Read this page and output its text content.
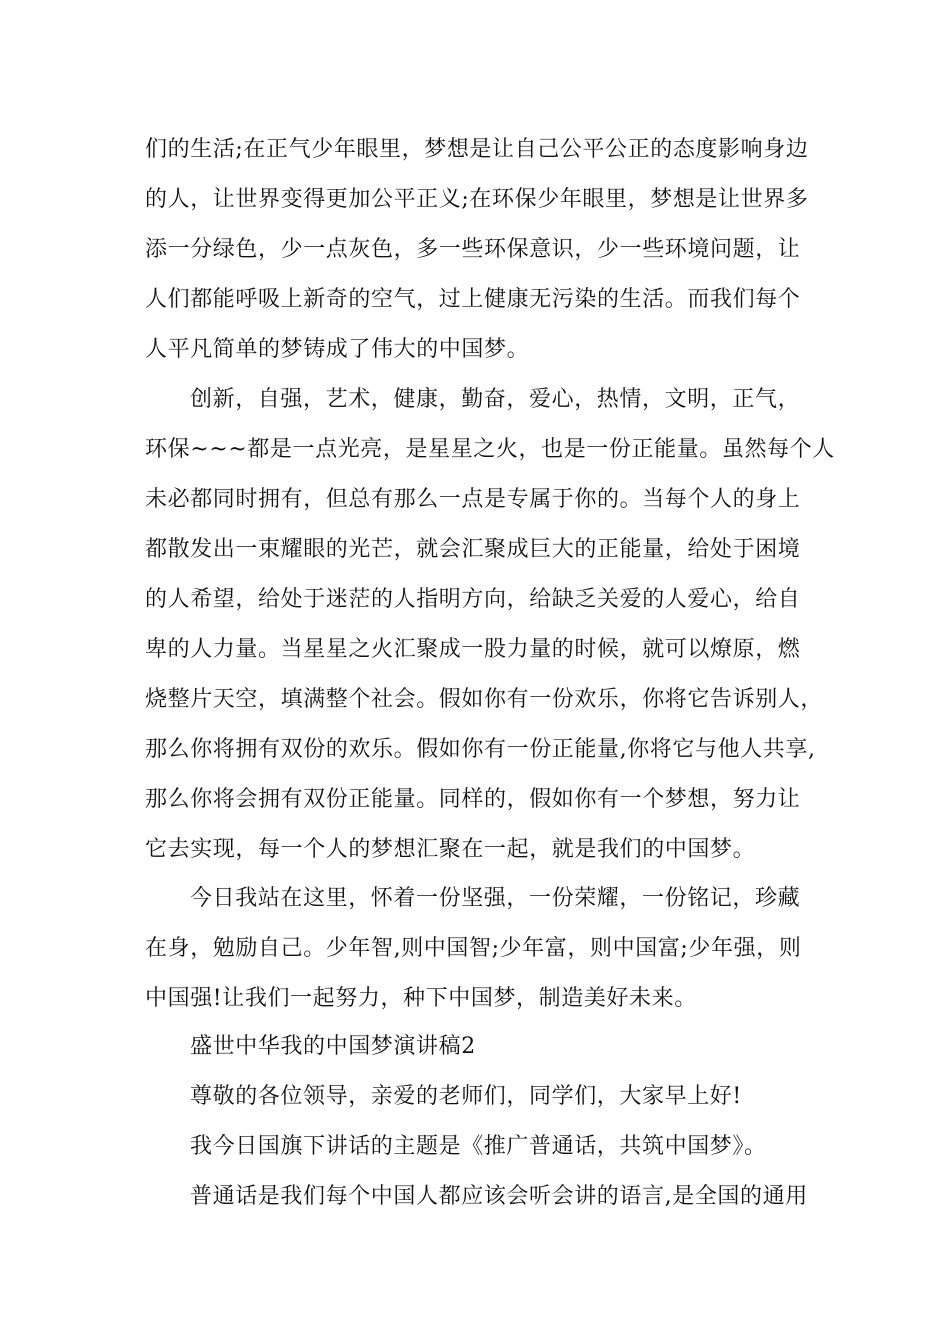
们的生活;在正气少年眼里，梦想是让自己公平公正的态度影响身边
的人，让世界变得更加公平正义;在环保少年眼里，梦想是让世界多
添一分绿色，少一点灰色，多一些环保意识，少一些环境问题，让
人们都能呼吸上新奇的空气，过上健康无污染的生活。而我们每个
人平凡简单的梦铸成了伟大的中国梦。
创新，自强，艺术，健康，勤奋，爱心，热情，文明，正气，
环保~~~都是一点光亮，是星星之火，也是一份正能量。虽然每个人
未必都同时拥有，但总有那么一点是专属于你的。当每个人的身上
都散发出一束耀眼的光芒，就会汇聚成巨大的正能量，给处于困境
的人希望，给处于迷茫的人指明方向，给缺乏关爱的人爱心，给自
卑的人力量。当星星之火汇聚成一股力量的时候，就可以燎原，燃
烧整片天空，填满整个社会。假如你有一份欢乐，你将它告诉别人，
那么你将拥有双份的欢乐。假如你有一份正能量,你将它与他人共享,
那么你将会拥有双份正能量。同样的，假如你有一个梦想，努力让
它去实现，每一个人的梦想汇聚在一起，就是我们的中国梦。
今日我站在这里，怀着一份坚强，一份荣耀，一份铭记，珍藏
在身，勉励自己。少年智,则中国智;少年富，则中国富;少年强，则
中国强!让我们一起努力，种下中国梦，制造美好未来。

盛世中华我的中国梦演讲稿2

尊敬的各位领导，亲爱的老师们，同学们，大家早上好!

我今日国旗下讲话的主题是《推广普通话，共筑中国梦》。

普通话是我们每个中国人都应该会听会讲的语言,是全国的通用
